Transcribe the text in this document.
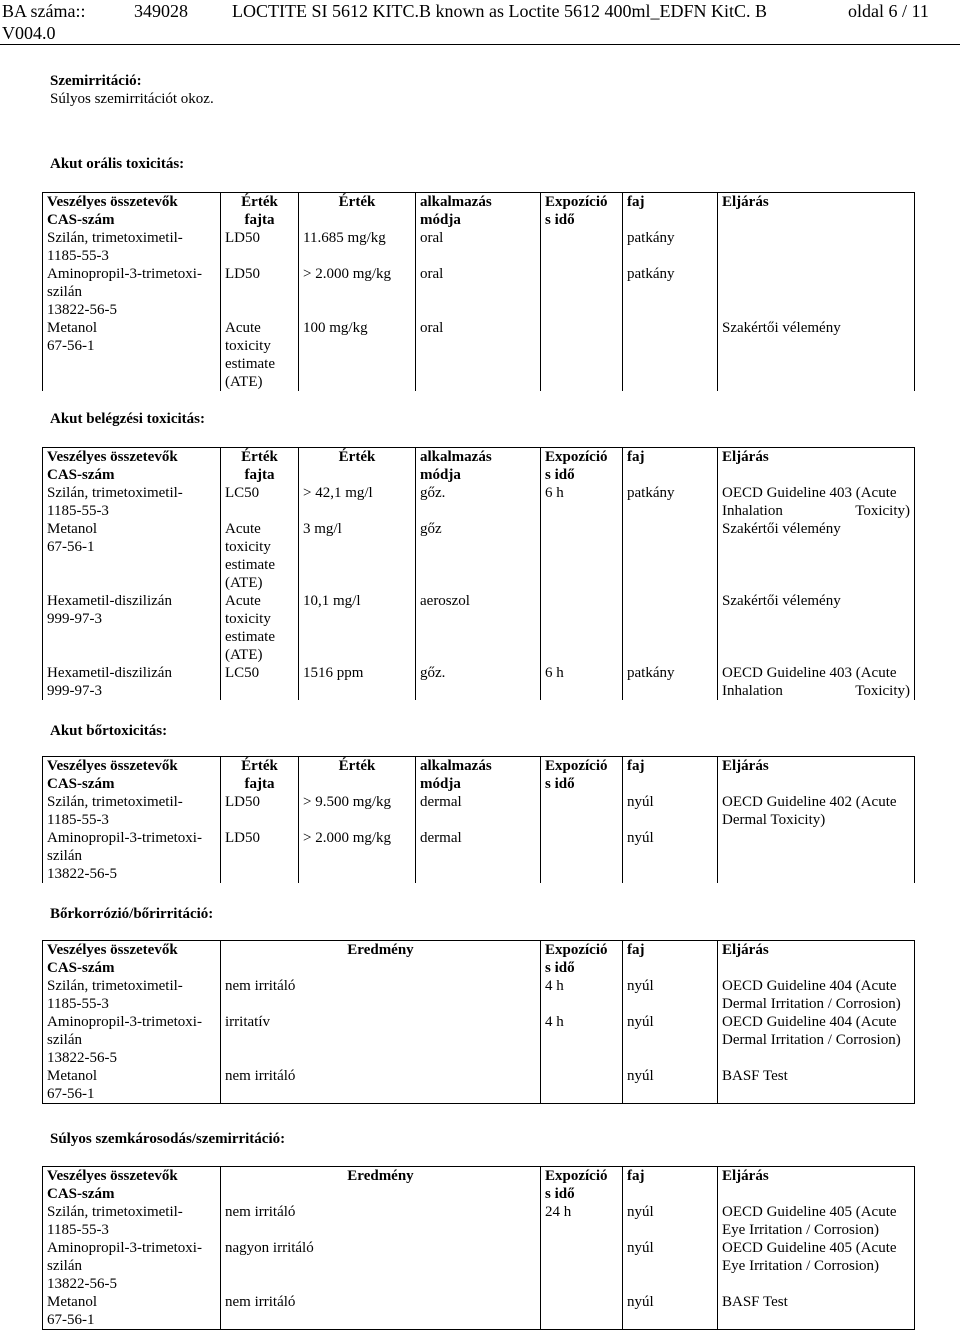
BA száma::	349028 LOCTITE SI 5612 KITC.B known as Loctite 5612 400ml_EDFN KitC. B	oldal 6 / 11
V004.0
Szemirritáció:
Súlyos szemirritációt okoz.
Akut orális toxicitás:
Veszélyes összetevők
CAS-szám	Érték
fajta	Érték	alkalmazás
módja	Expozíció
s idő	faj	Eljárás
Szilán, trimetoximetil-
1185-55-3	LD50	11.685 mg/kg	oral		patkány	
Aminopropil-3-trimetoxi-szilán
13822-56-5	LD50	> 2.000 mg/kg	oral		patkány	
Metanol
67-56-1	Acute toxicity estimate (ATE)	100 mg/kg	oral			Szakértői vélemény
Akut belégzési toxicitás:
Veszélyes összetevők
CAS-szám	Érték
fajta	Érték	alkalmazás
módja	Expozíció
s idő	faj	Eljárás
Szilán, trimetoximetil-
1185-55-3	LC50	> 42,1 mg/l	gőz.	6 h	patkány	OECD Guideline 403 (Acute Inhalation Toxicity)
Metanol
67-56-1	Acute toxicity estimate (ATE)	3 mg/l	gőz			Szakértői vélemény
Hexametil-diszilizán
999-97-3	Acute toxicity estimate (ATE)	10,1 mg/l	aeroszol			Szakértői vélemény
Hexametil-diszilizán
999-97-3	LC50	1516 ppm	gőz.	6 h	patkány	OECD Guideline 403 (Acute Inhalation Toxicity)
Akut bőrtoxicitás:
Veszélyes összetevők
CAS-szám	Érték
fajta	Érték	alkalmazás
módja	Expozíció
s idő	faj	Eljárás
Szilán, trimetoximetil-
1185-55-3	LD50	> 9.500 mg/kg	dermal		nyúl	OECD Guideline 402 (Acute Dermal Toxicity)
Aminopropil-3-trimetoxi-szilán
13822-56-5	LD50	> 2.000 mg/kg	dermal		nyúl	
Bőrkorrózió/bőrirritáció:
Veszélyes összetevők
CAS-szám	Eredmény	Expozíció
s idő	faj	Eljárás
Szilán, trimetoximetil-
1185-55-3	nem irritáló	4 h	nyúl	OECD Guideline 404 (Acute Dermal Irritation / Corrosion)
Aminopropil-3-trimetoxi-szilán
13822-56-5	irritatív	4 h	nyúl	OECD Guideline 404 (Acute Dermal Irritation / Corrosion)
Metanol
67-56-1	nem irritáló		nyúl	BASF Test
Súlyos szemkárosodás/szemirritáció:
Veszélyes összetevők
CAS-szám	Eredmény	Expozíció
s idő	faj	Eljárás
Szilán, trimetoximetil-
1185-55-3	nem irritáló	24 h	nyúl	OECD Guideline 405 (Acute Eye Irritation / Corrosion)
Aminopropil-3-trimetoxi-szilán
13822-56-5	nagyon irritáló		nyúl	OECD Guideline 405 (Acute Eye Irritation / Corrosion)
Metanol
67-56-1	nem irritáló		nyúl	BASF Test
